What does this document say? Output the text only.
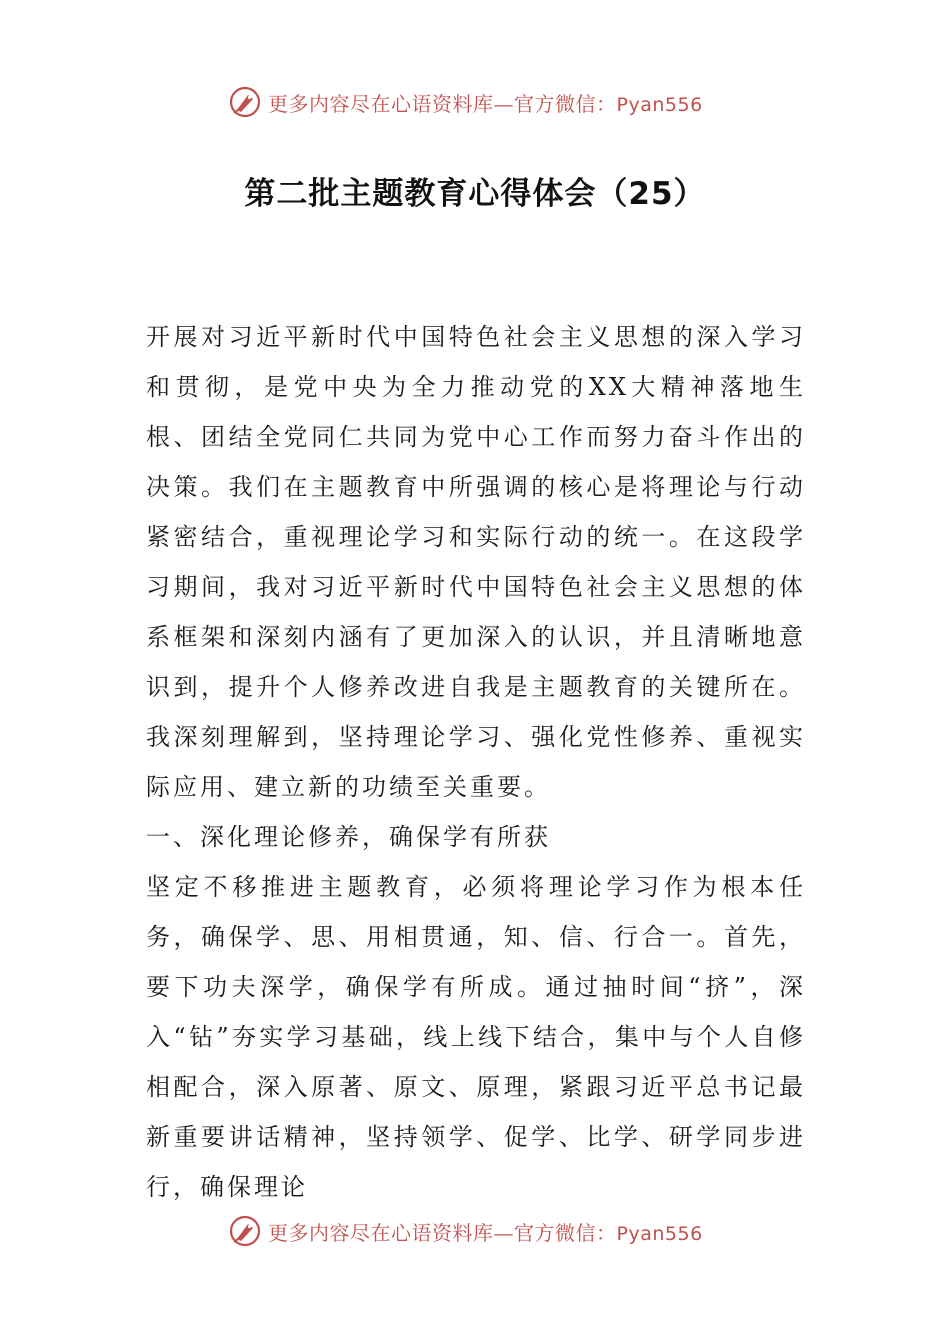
更多内容尽在心语资料库—官方微信：Pyan556
第二批主题教育心得体会（25）

开展对习近平新时代中国特色社会主义思想的深入学习和贯彻，是党中央为全力推动党的XX大精神落地生根、团结全党同仁共同为党中心工作而努力奋斗作出的决策。我们在主题教育中所强调的核心是将理论与行动紧密结合，重视理论学习和实际行动的统一。在这段学习期间，我对习近平新时代中国特色社会主义思想的体系框架和深刻内涵有了更加深入的认识，并且清晰地意识到，提升个人修养改进自我是主题教育的关键所在。我深刻理解到，坚持理论学习、强化党性修养、重视实际应用、建立新的功绩至关重要。

一、深化理论修养，确保学有所获

坚定不移推进主题教育，必须将理论学习作为根本任务，确保学、思、用相贯通，知、信、行合一。首先，要下功夫深学，确保学有所成。通过抽时间“挤”，深入“钻”夯实学习基础，线上线下结合，集中与个人自修相配合，深入原著、原文、原理，紧跟习近平总书记最新重要讲话精神，坚持领学、促学、比学、研学同步进行，确保理论

更多内容尽在心语资料库—官方微信：Pyan556
